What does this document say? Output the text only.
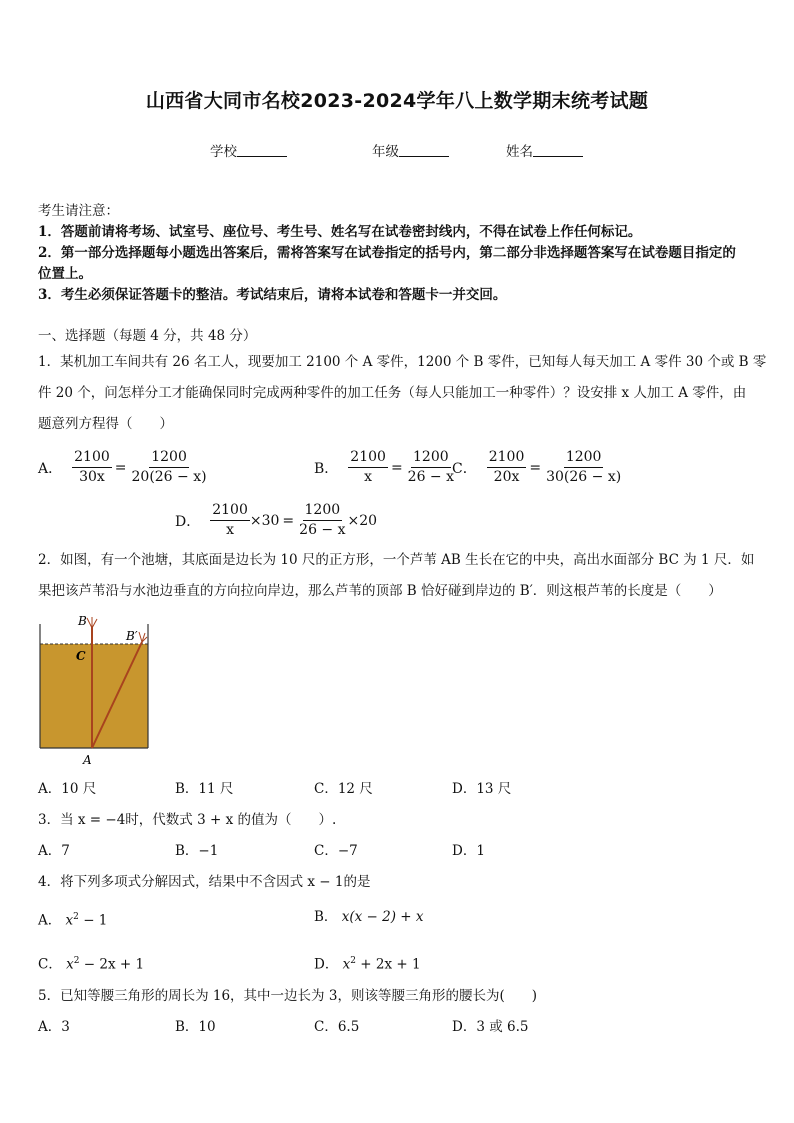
山西省大同市名校2023-2024学年八上数学期末统考试题
学校	年级	姓名
考生请注意：
1．答题前请将考场、试室号、座位号、考生号、姓名写在试卷密封线内，不得在试卷上作任何标记。
2．第一部分选择题每小题选出答案后，需将答案写在试卷指定的括号内，第二部分非选择题答案写在试卷题目指定的
位置上。
3．考生必须保证答题卡的整洁。考试结束后，请将本试卷和答题卡一并交回。
一、选择题（每题 4 分，共 48 分）
1．某机加工车间共有 26 名工人，现要加工 2100 个 A 零件，1200 个 B 零件，已知每人每天加工 A 零件 30 个或 B 零
件 20 个，问怎样分工才能确保同时完成两种零件的加工任务（每人只能加工一种零件）？设安排 x 人加工 A 零件，由
题意列方程得（　　）
A． $\frac{2100}{30x} = \frac{1200}{20(26 - x)}$	B． $\frac{2100}{x} = \frac{1200}{26 - x}$
C． $\frac{2100}{20x} = \frac{1200}{30(26 - x)}$
D． $\frac{2100}{x} \times 30 = \frac{1200}{26 - x} \times 20$
2．如图，有一个池塘，其底面是边长为 10 尺的正方形，一个芦苇 AB 生长在它的中央，高出水面部分 BC 为 1 尺．如
果把该芦苇沿与水池边垂直的方向拉向岸边，那么芦苇的顶部 B 恰好碰到岸边的 B′．则这根芦苇的长度是（　　）
B
B′
C
A
A．10 尺	B．11 尺	C．12 尺	D．13 尺
3．当 x = −4时，代数式 3 + x 的值为（　　）.
A．7	B．−1	C．−7	D．1
4．将下列多项式分解因式，结果中不含因式 x − 1的是
A． $x^2 - 1$	B． x(x − 2) + x
C． $x^2 - 2x + 1$	D． $x^2 + 2x + 1$
5．已知等腰三角形的周长为 16，其中一边长为 3，则该等腰三角形的腰长为(　　)
A．3	B．10	C．6.5	D．3 或 6.5
